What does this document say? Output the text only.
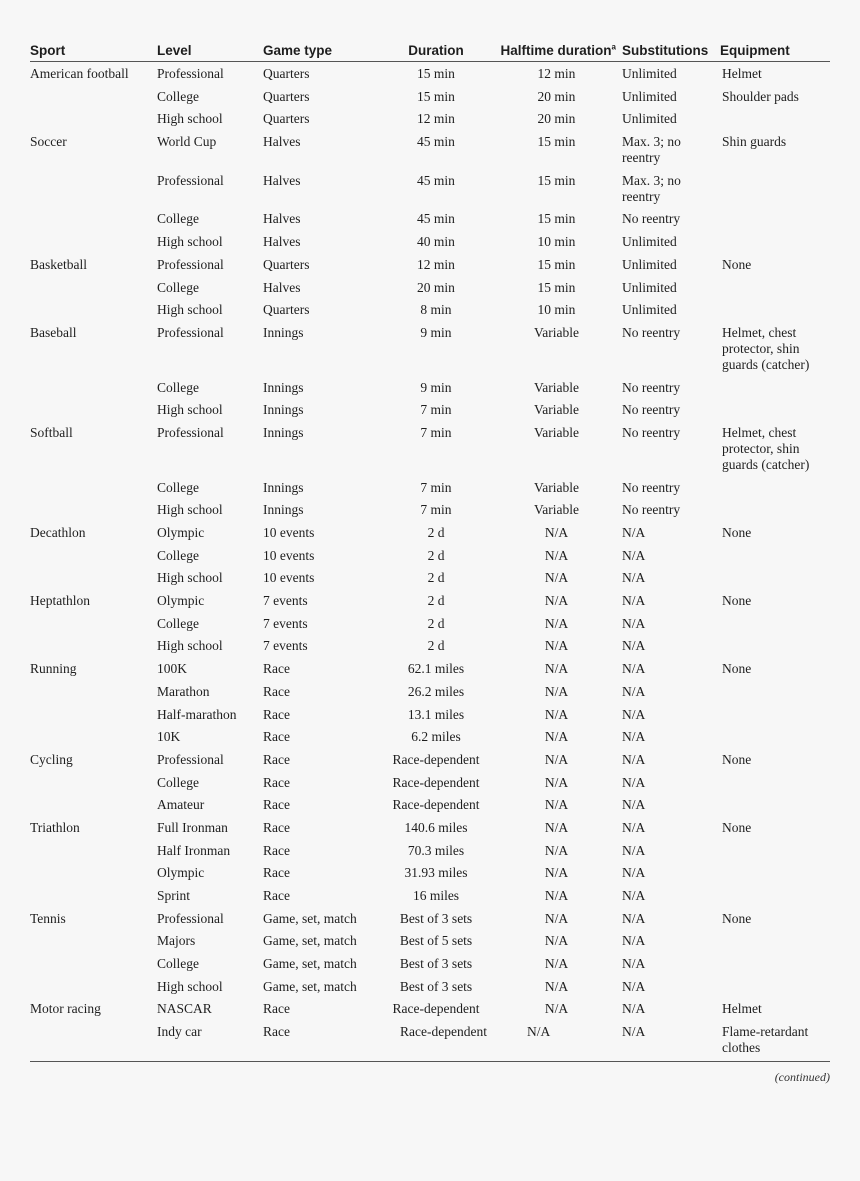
Sport	Level	Game type	Duration	Halftime duration$^a$	Substitutions	Equipment
American football	Professional	Quarters	15 min	12 min	Unlimited	Helmet
	College	Quarters	15 min	20 min	Unlimited	Shoulder pads
	High school	Quarters	12 min	20 min	Unlimited	
Soccer	World Cup	Halves	45 min	15 min	Max. 3; no reentry	Shin guards
	Professional	Halves	45 min	15 min	Max. 3; no reentry	
	College	Halves	45 min	15 min	No reentry	
	High school	Halves	40 min	10 min	Unlimited	
Basketball	Professional	Quarters	12 min	15 min	Unlimited	None
	College	Halves	20 min	15 min	Unlimited	
	High school	Quarters	8 min	10 min	Unlimited	
Baseball	Professional	Innings	9 min	Variable	No reentry	Helmet, chest protector, shin guards (catcher)
	College	Innings	9 min	Variable	No reentry	
	High school	Innings	7 min	Variable	No reentry	
Softball	Professional	Innings	7 min	Variable	No reentry	Helmet, chest protector, shin guards (catcher)
	College	Innings	7 min	Variable	No reentry	
	High school	Innings	7 min	Variable	No reentry	
Decathlon	Olympic	10 events	2 d	N/A	N/A	None
	College	10 events	2 d	N/A	N/A	
	High school	10 events	2 d	N/A	N/A	
Heptathlon	Olympic	7 events	2 d	N/A	N/A	None
	College	7 events	2 d	N/A	N/A	
	High school	7 events	2 d	N/A	N/A	
Running	100K	Race	62.1 miles	N/A	N/A	None
	Marathon	Race	26.2 miles	N/A	N/A	
	Half-marathon	Race	13.1 miles	N/A	N/A	
	10K	Race	6.2 miles	N/A	N/A	
Cycling	Professional	Race	Race-dependent	N/A	N/A	None
	College	Race	Race-dependent	N/A	N/A	
	Amateur	Race	Race-dependent	N/A	N/A	
Triathlon	Full Ironman	Race	140.6 miles	N/A	N/A	None
	Half Ironman	Race	70.3 miles	N/A	N/A	
	Olympic	Race	31.93 miles	N/A	N/A	
	Sprint	Race	16 miles	N/A	N/A	
Tennis	Professional	Game, set, match	Best of 3 sets	N/A	N/A	None
	Majors	Game, set, match	Best of 5 sets	N/A	N/A	
	College	Game, set, match	Best of 3 sets	N/A	N/A	
	High school	Game, set, match	Best of 3 sets	N/A	N/A	
Motor racing	NASCAR	Race	Race-dependent	N/A	N/A	Helmet
	Indy car	Race	Race-dependent	N/A	N/A	Flame-retardant clothes
(continued)
